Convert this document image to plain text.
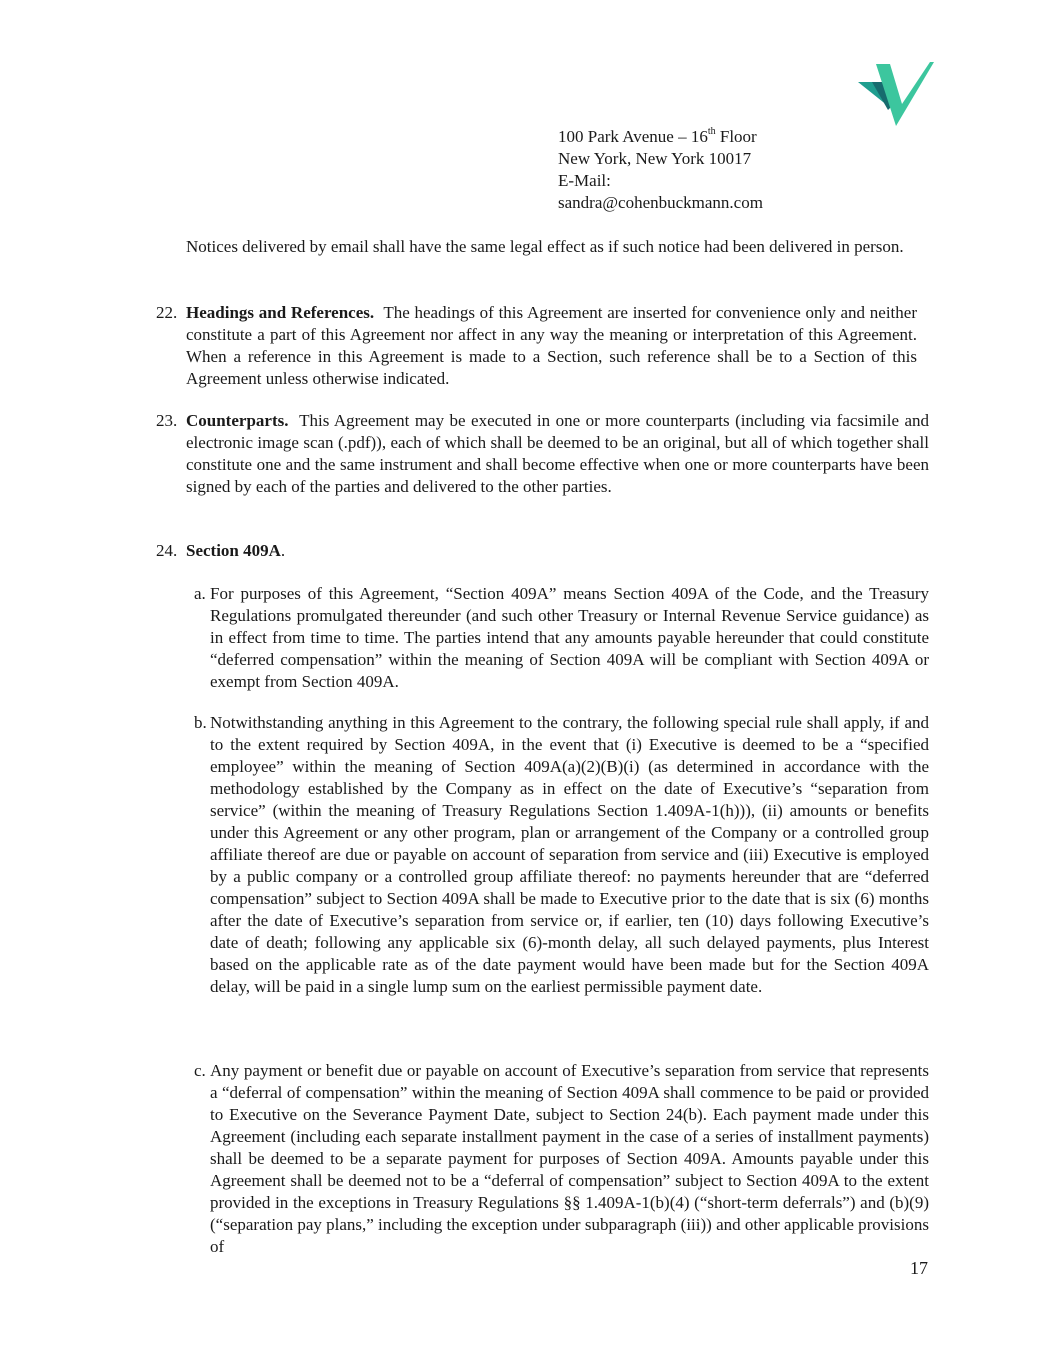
100 Park Avenue – 16th Floor
New York, New York 10017
E-Mail:
sandra@cohenbuckmann.com
Notices delivered by email shall have the same legal effect as if such notice had been delivered in person.
22. Headings and References. The headings of this Agreement are inserted for convenience only and neither constitute a part of this Agreement nor affect in any way the meaning or interpretation of this Agreement. When a reference in this Agreement is made to a Section, such reference shall be to a Section of this Agreement unless otherwise indicated.
23. Counterparts. This Agreement may be executed in one or more counterparts (including via facsimile and electronic image scan (.pdf)), each of which shall be deemed to be an original, but all of which together shall constitute one and the same instrument and shall become effective when one or more counterparts have been signed by each of the parties and delivered to the other parties.
24. Section 409A.
a. For purposes of this Agreement, “Section 409A” means Section 409A of the Code, and the Treasury Regulations promulgated thereunder (and such other Treasury or Internal Revenue Service guidance) as in effect from time to time. The parties intend that any amounts payable hereunder that could constitute “deferred compensation” within the meaning of Section 409A will be compliant with Section 409A or exempt from Section 409A.
b. Notwithstanding anything in this Agreement to the contrary, the following special rule shall apply, if and to the extent required by Section 409A, in the event that (i) Executive is deemed to be a “specified employee” within the meaning of Section 409A(a)(2)(B)(i) (as determined in accordance with the methodology established by the Company as in effect on the date of Executive’s “separation from service” (within the meaning of Treasury Regulations Section 1.409A-1(h))), (ii) amounts or benefits under this Agreement or any other program, plan or arrangement of the Company or a controlled group affiliate thereof are due or payable on account of separation from service and (iii) Executive is employed by a public company or a controlled group affiliate thereof: no payments hereunder that are “deferred compensation” subject to Section 409A shall be made to Executive prior to the date that is six (6) months after the date of Executive’s separation from service or, if earlier, ten (10) days following Executive’s date of death; following any applicable six (6)-month delay, all such delayed payments, plus Interest based on the applicable rate as of the date payment would have been made but for the Section 409A delay, will be paid in a single lump sum on the earliest permissible payment date.
c. Any payment or benefit due or payable on account of Executive’s separation from service that represents a “deferral of compensation” within the meaning of Section 409A shall commence to be paid or provided to Executive on the Severance Payment Date, subject to Section 24(b). Each payment made under this Agreement (including each separate installment payment in the case of a series of installment payments) shall be deemed to be a separate payment for purposes of Section 409A. Amounts payable under this Agreement shall be deemed not to be a “deferral of compensation” subject to Section 409A to the extent provided in the exceptions in Treasury Regulations §§ 1.409A-1(b)(4) (“short-term deferrals”) and (b)(9) (“separation pay plans,” including the exception under subparagraph (iii)) and other applicable provisions of
17
